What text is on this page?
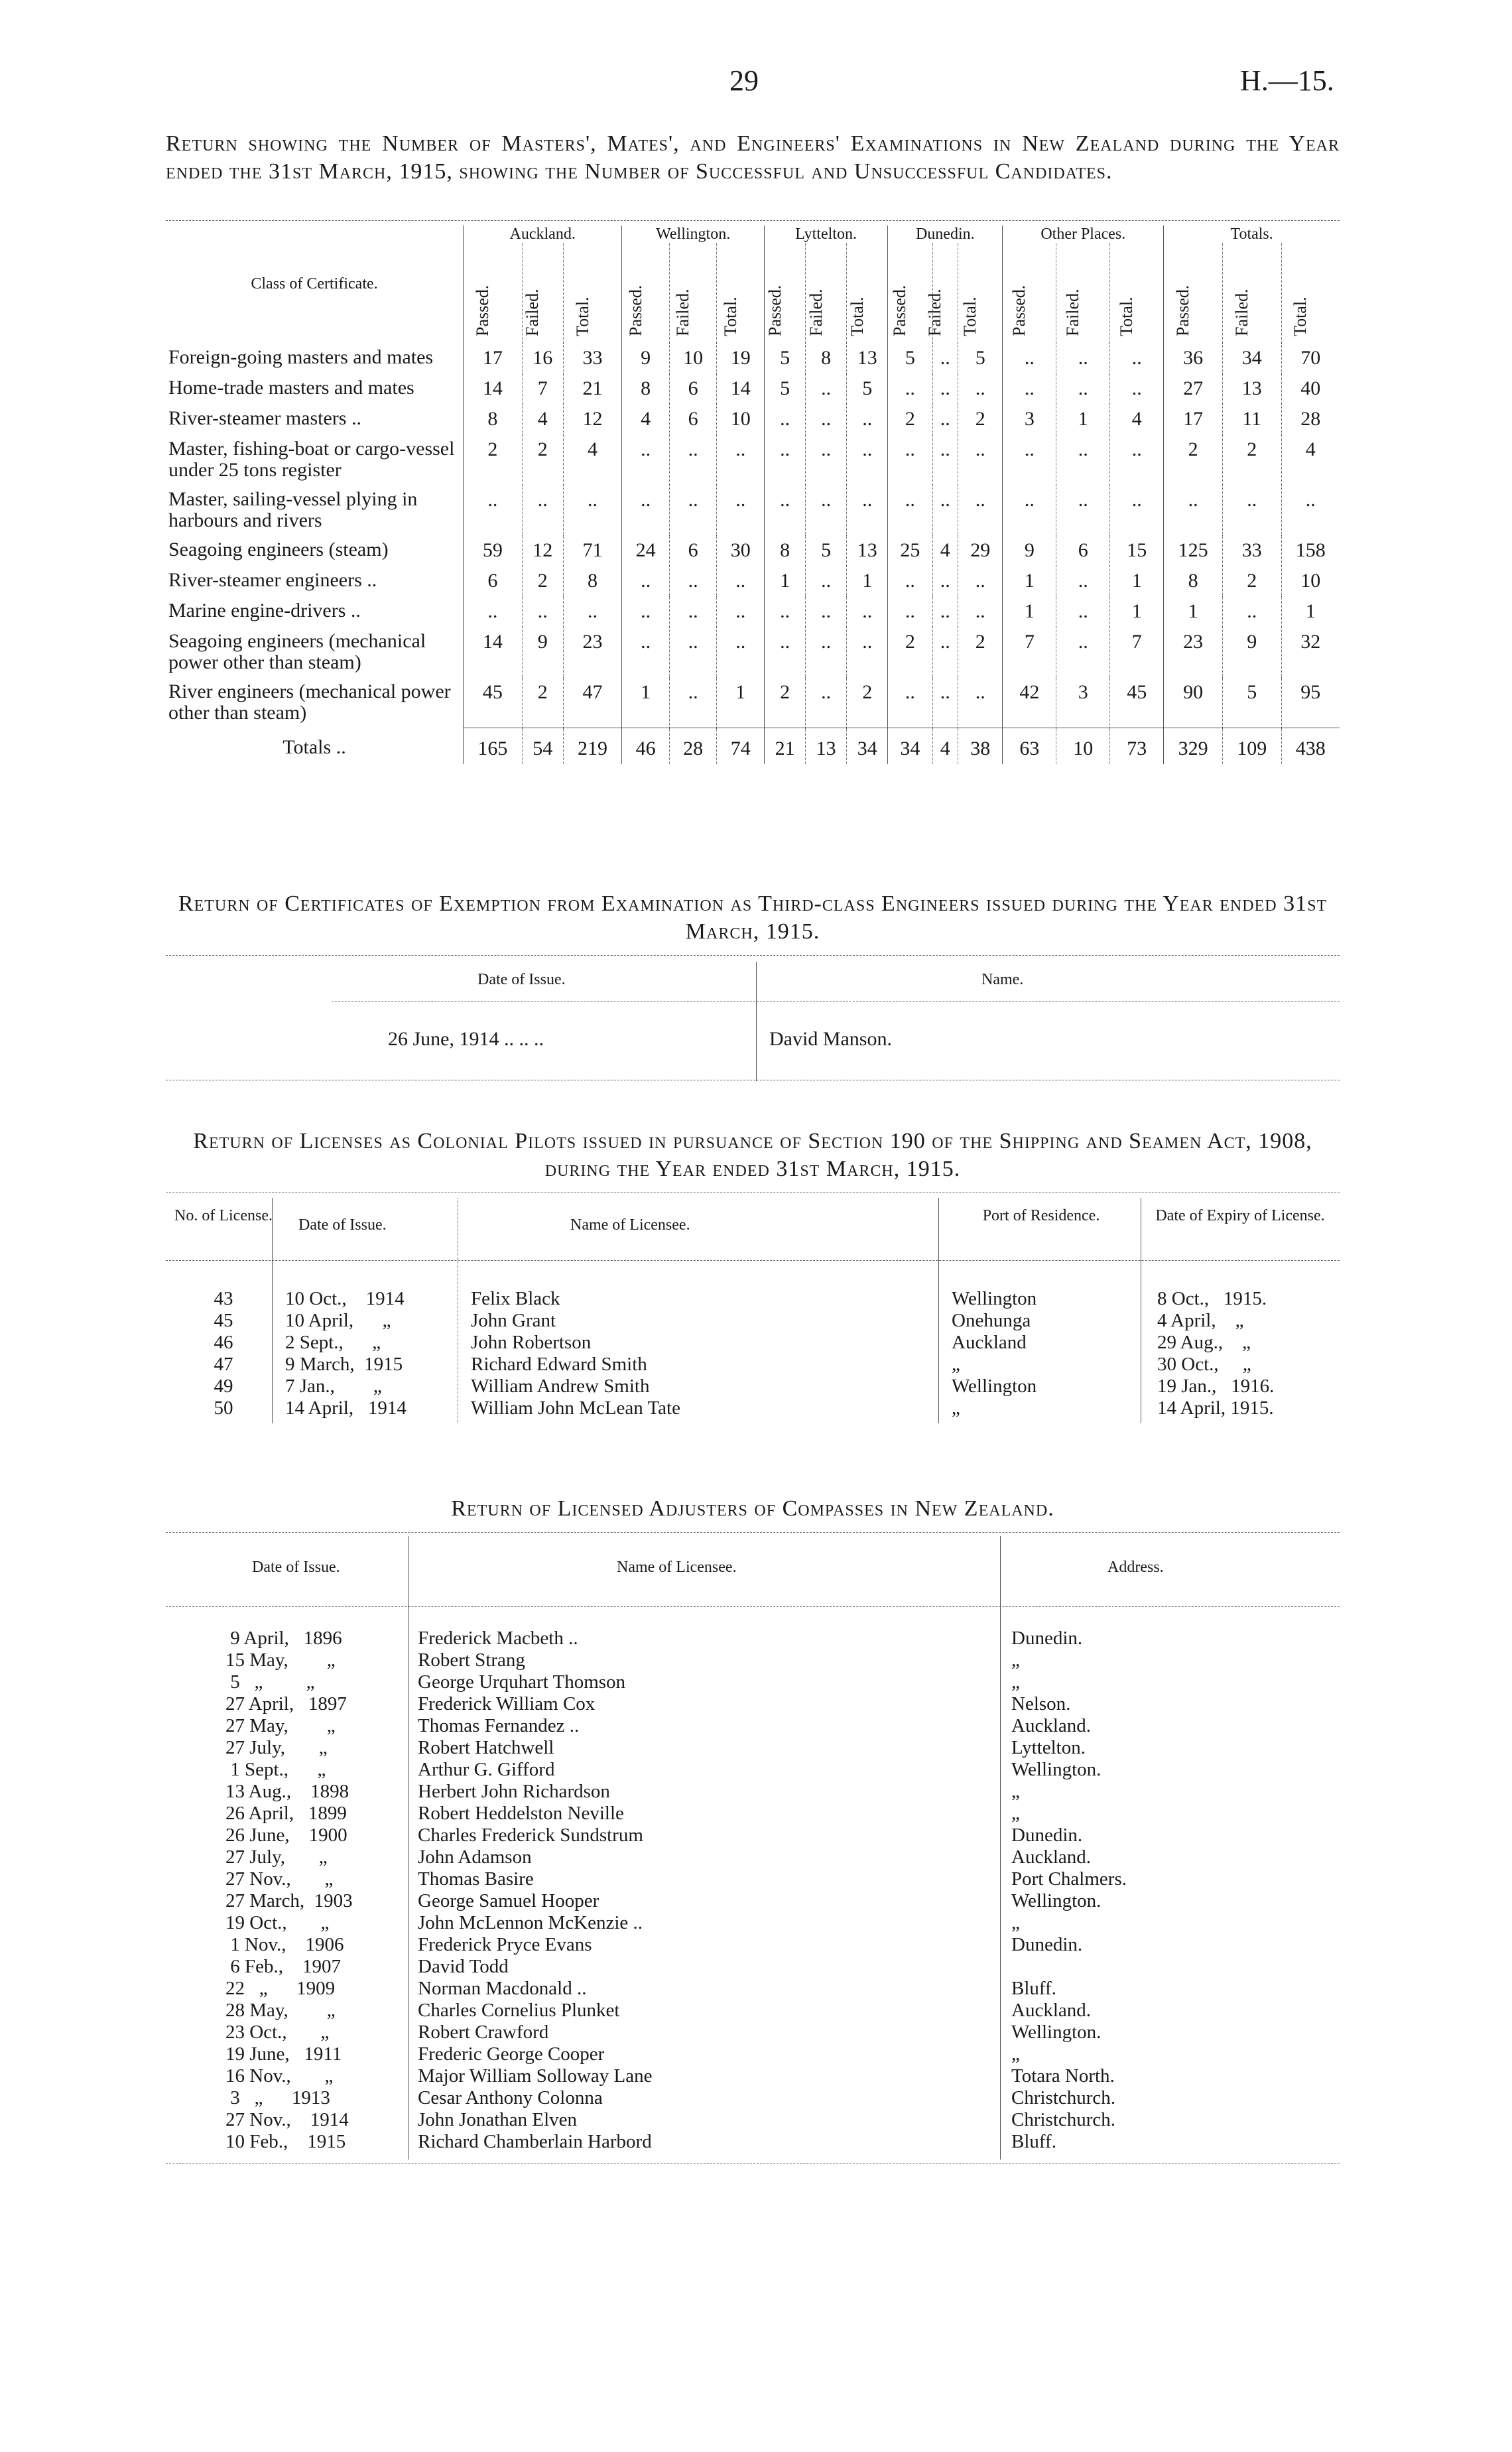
29	H.—15.
Return showing the Number of Masters', Mates', and Engineers' Examinations in New Zealand during the Year ended the 31st March, 1915, showing the Number of Successful and Unsuccessful Candidates.
Class of Certificate.	Auckland.			Wellington.			Lyttelton.			Dunedin.			Other Places.			Totals.		

	Passed.	Failed.	Total.	Passed.	Failed.	Total.	Passed.	Failed.	Total.	Passed.	Failed.	Total.	Passed.	Failed.	Total.	Passed.	Failed.	Total.

Foreign-going masters and mates	17	16	33	9	10	19	5	8	13	5	..	5	..	..	..	36	34	70
Home-trade masters and mates	14	7	21	8	6	14	5	..	5	..	..	..	..	..	..	27	13	40
River-steamer masters ..	8	4	12	4	6	10	..	..	..	2	..	2	3	1	4	17	11	28
Master, fishing-boat or cargo-vessel under 25 tons register	2	2	4	..	..	..	..	..	..	..	..	..	..	..	..	2	2	4
Master, sailing-vessel plying in harbours and rivers	..	..	..	..	..	..	..	..	..	..	..	..	..	..	..	..	..	..
Seagoing engineers (steam)	59	12	71	24	6	30	8	5	13	25	4	29	9	6	15	125	33	158
River-steamer engineers ..	6	2	8	..	..	..	1	..	1	..	..	..	1	..	1	8	2	10
Marine engine-drivers ..	..	..	..	..	..	..	..	..	..	..	..	..	1	..	1	1	..	1
Seagoing engineers (mechanical power other than steam)	14	9	23	..	..	..	..	..	..	2	..	2	7	..	7	23	9	32
River engineers (mechanical power other than steam)	45	2	47	1	..	1	2	..	2	..	..	..	42	3	45	90	5	95
Totals ..	165	54	219	46	28	74	21	13	34	34	4	38	63	10	73	329	109	438
Return of Certificates of Exemption from Examination as Third-class Engineers issued during the Year ended 31st March, 1915.
Date of Issue.	Name.
26 June, 1914 .. .. ..	David Manson.
Return of Licenses as Colonial Pilots issued in pursuance of Section 190 of the Shipping and Seamen Act, 1908, during the Year ended 31st March, 1915.
No. of License.
Date of Issue.	Name of Licensee.
Port of Residence.	Date of Expiry of License.
43	10 Oct.,    1914	Felix Black	Wellington	8 Oct.,   1915.
45	10 April,      „	John Grant	Onehunga	4 April,    „
46	2 Sept.,      „	John Robertson	Auckland	29 Aug.,    „
47	9 March,  1915	Richard Edward Smith	„	30 Oct.,     „
49	7 Jan.,        „	William Andrew Smith	Wellington	19 Jan.,   1916.
50	14 April,   1914	William John McLean Tate	„	14 April, 1915.
Return of Licensed Adjusters of Compasses in New Zealand.
Date of Issue.	Name of Licensee.	Address.
9 April,   1896	Frederick Macbeth ..	Dunedin.
15 May,        „	Robert Strang	„
5   „         „	George Urquhart Thomson	„
27 April,   1897	Frederick William Cox	Nelson.
27 May,        „	Thomas Fernandez ..	Auckland.
27 July,       „	Robert Hatchwell	Lyttelton.
1 Sept.,      „	Arthur G. Gifford	Wellington.
13 Aug.,    1898	Herbert John Richardson	„
26 April,   1899	Robert Heddelston Neville	„
26 June,    1900	Charles Frederick Sundstrum	Dunedin.
27 July,       „	John Adamson	Auckland.
27 Nov.,       „	Thomas Basire	Port Chalmers.
27 March,  1903	George Samuel Hooper	Wellington.
19 Oct.,       „	John McLennon McKenzie ..	„
1 Nov.,    1906	Frederick Pryce Evans	Dunedin.
6 Feb.,    1907	David Todd
22   „      1909	Norman Macdonald ..	Bluff.
28 May,        „	Charles Cornelius Plunket	Auckland.
23 Oct.,       „	Robert Crawford	Wellington.
19 June,   1911	Frederic George Cooper	„
16 Nov.,       „	Major William Solloway Lane	Totara North.
3   „      1913	Cesar Anthony Colonna	Christchurch.
27 Nov.,    1914	John Jonathan Elven	Christchurch.
10 Feb.,    1915	Richard Chamberlain Harbord	Bluff.
